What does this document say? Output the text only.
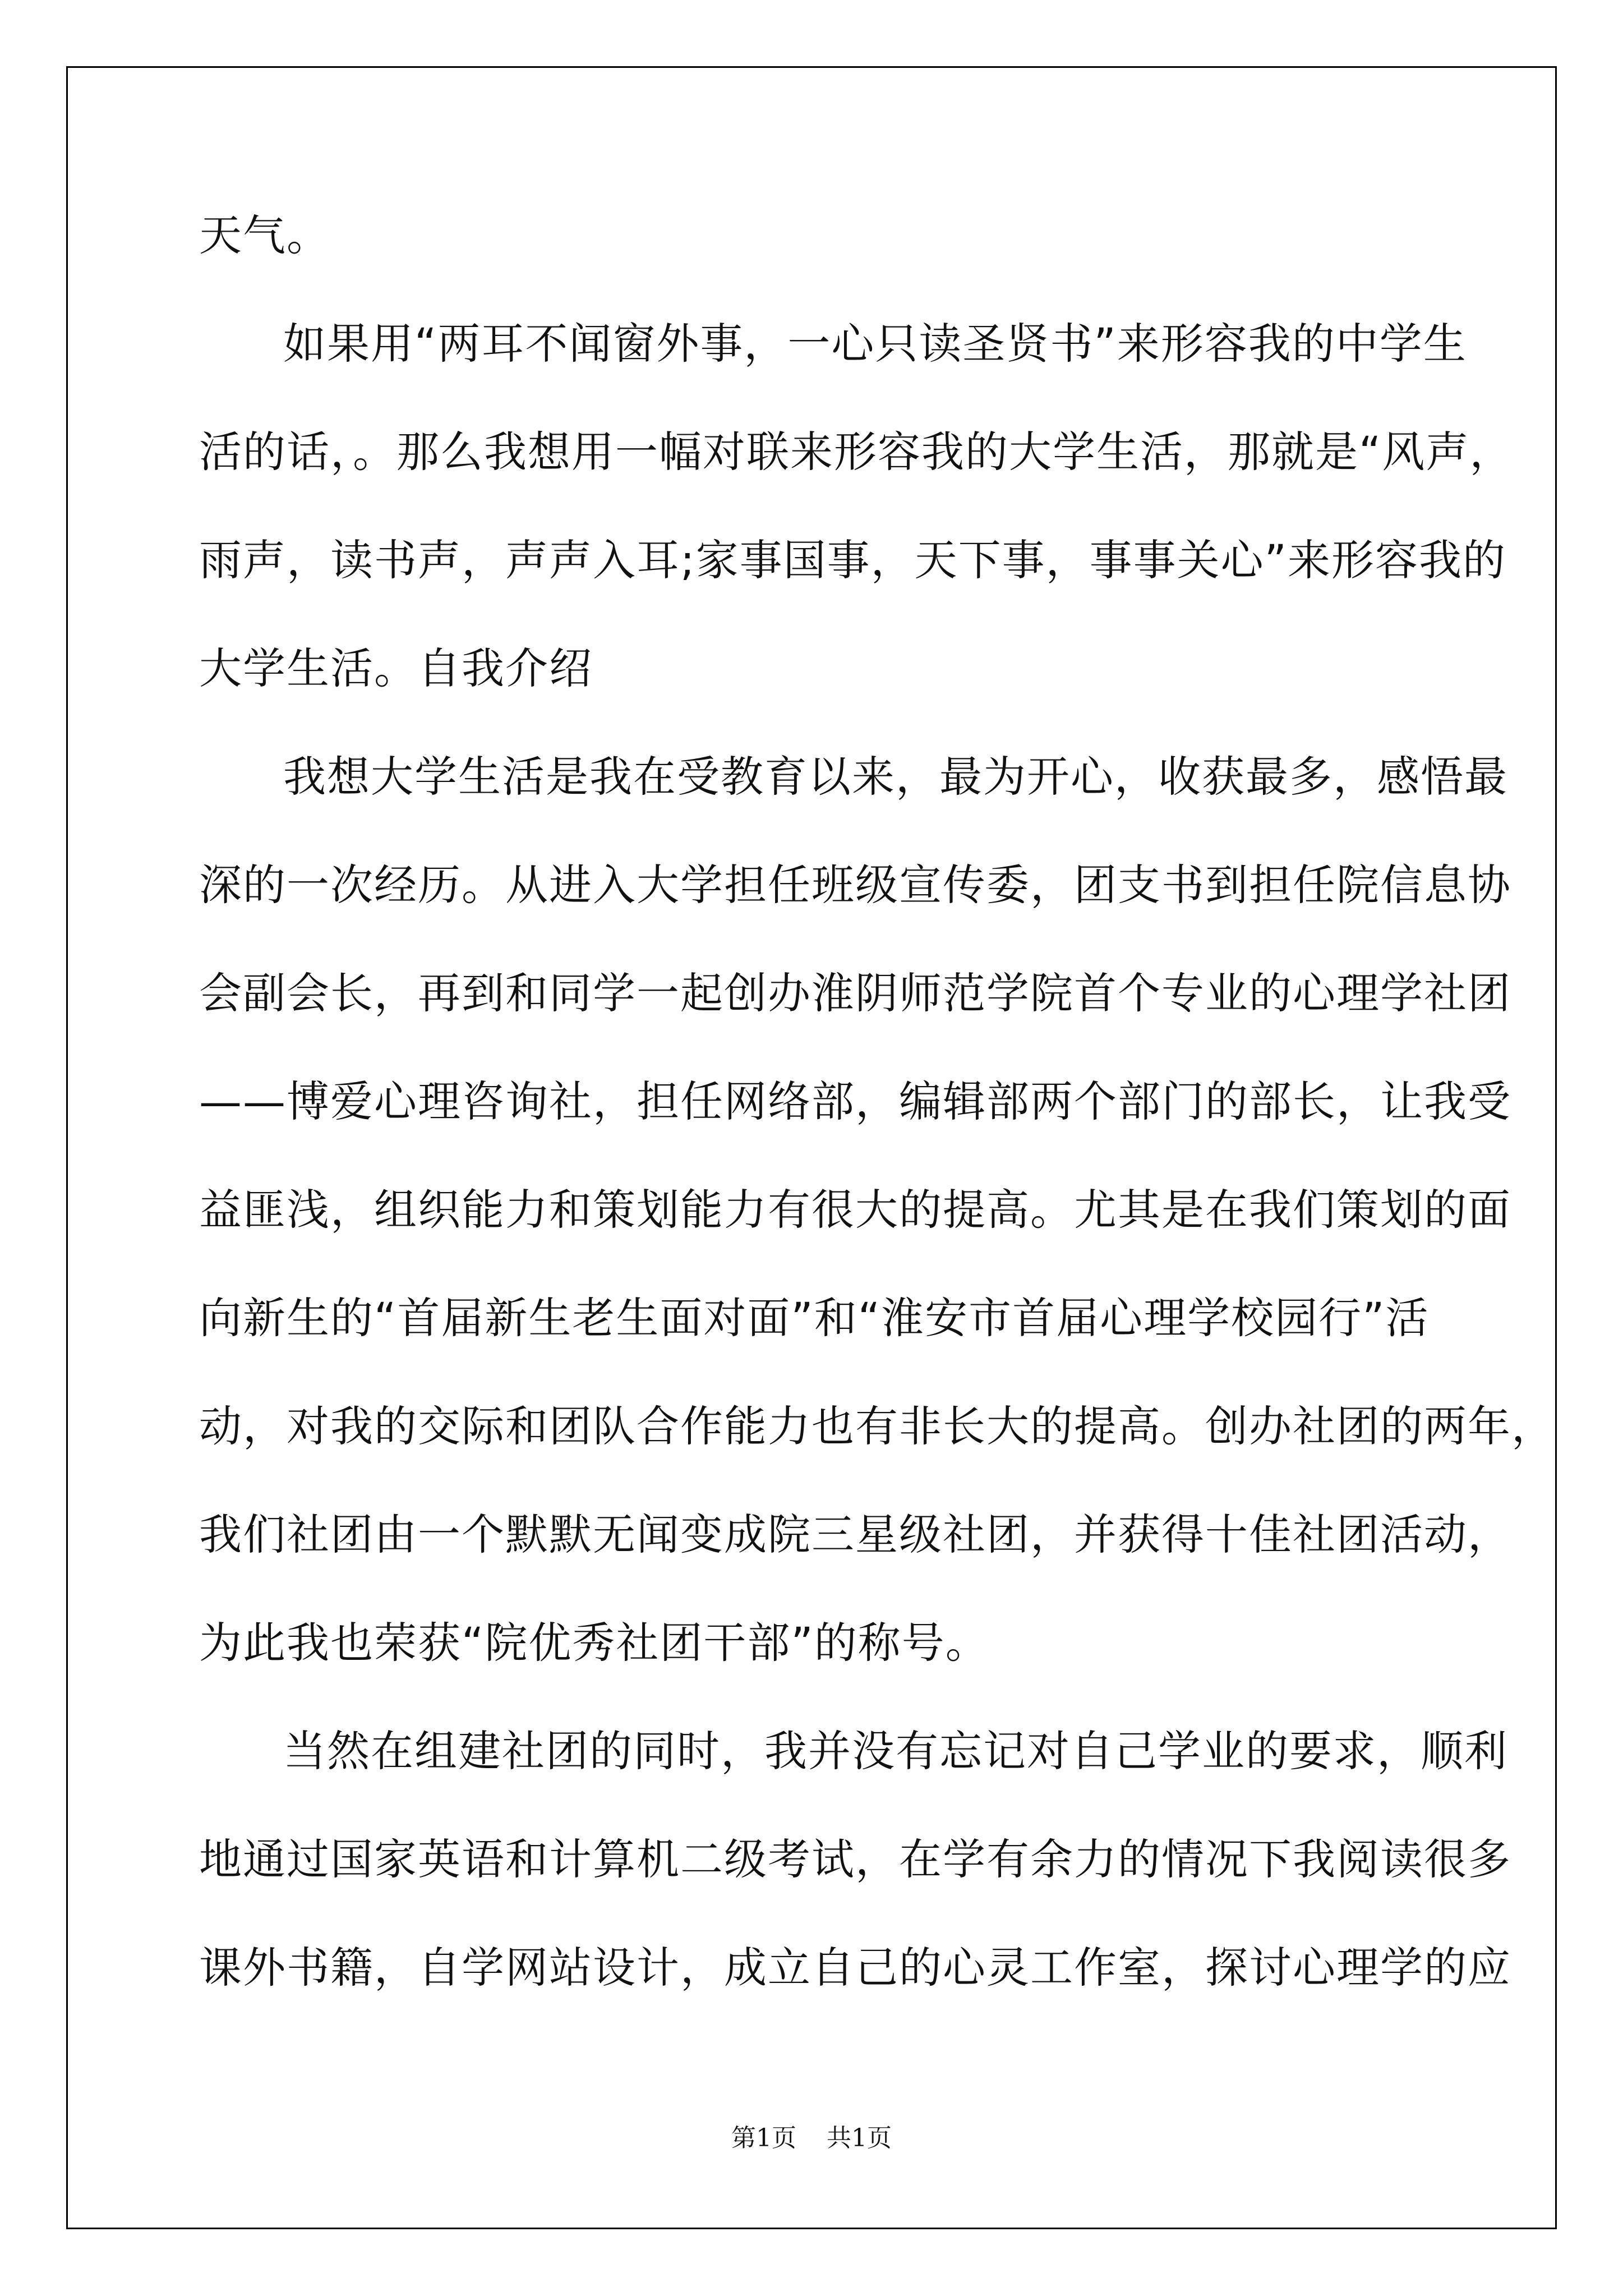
天气。
如果用“两耳不闻窗外事，一心只读圣贤书”来形容我的中学生
活的话，。那么我想用一幅对联来形容我的大学生活，那就是“风声，
雨声，读书声，声声入耳;家事国事，天下事，事事关心”来形容我的
大学生活。自我介绍
我想大学生活是我在受教育以来，最为开心，收获最多，感悟最
深的一次经历。从进入大学担任班级宣传委，团支书到担任院信息协
会副会长，再到和同学一起创办淮阴师范学院首个专业的心理学社团
——博爱心理咨询社，担任网络部，编辑部两个部门的部长，让我受
益匪浅，组织能力和策划能力有很大的提高。尤其是在我们策划的面
向新生的“首届新生老生面对面”和“淮安市首届心理学校园行”活
动，对我的交际和团队合作能力也有非长大的提高。创办社团的两年，
我们社团由一个默默无闻变成院三星级社团，并获得十佳社团活动，
为此我也荣获“院优秀社团干部”的称号。
当然在组建社团的同时，我并没有忘记对自己学业的要求，顺利
地通过国家英语和计算机二级考试，在学有余力的情况下我阅读很多
课外书籍，自学网站设计，成立自己的心灵工作室，探讨心理学的应
第1页 共1页
